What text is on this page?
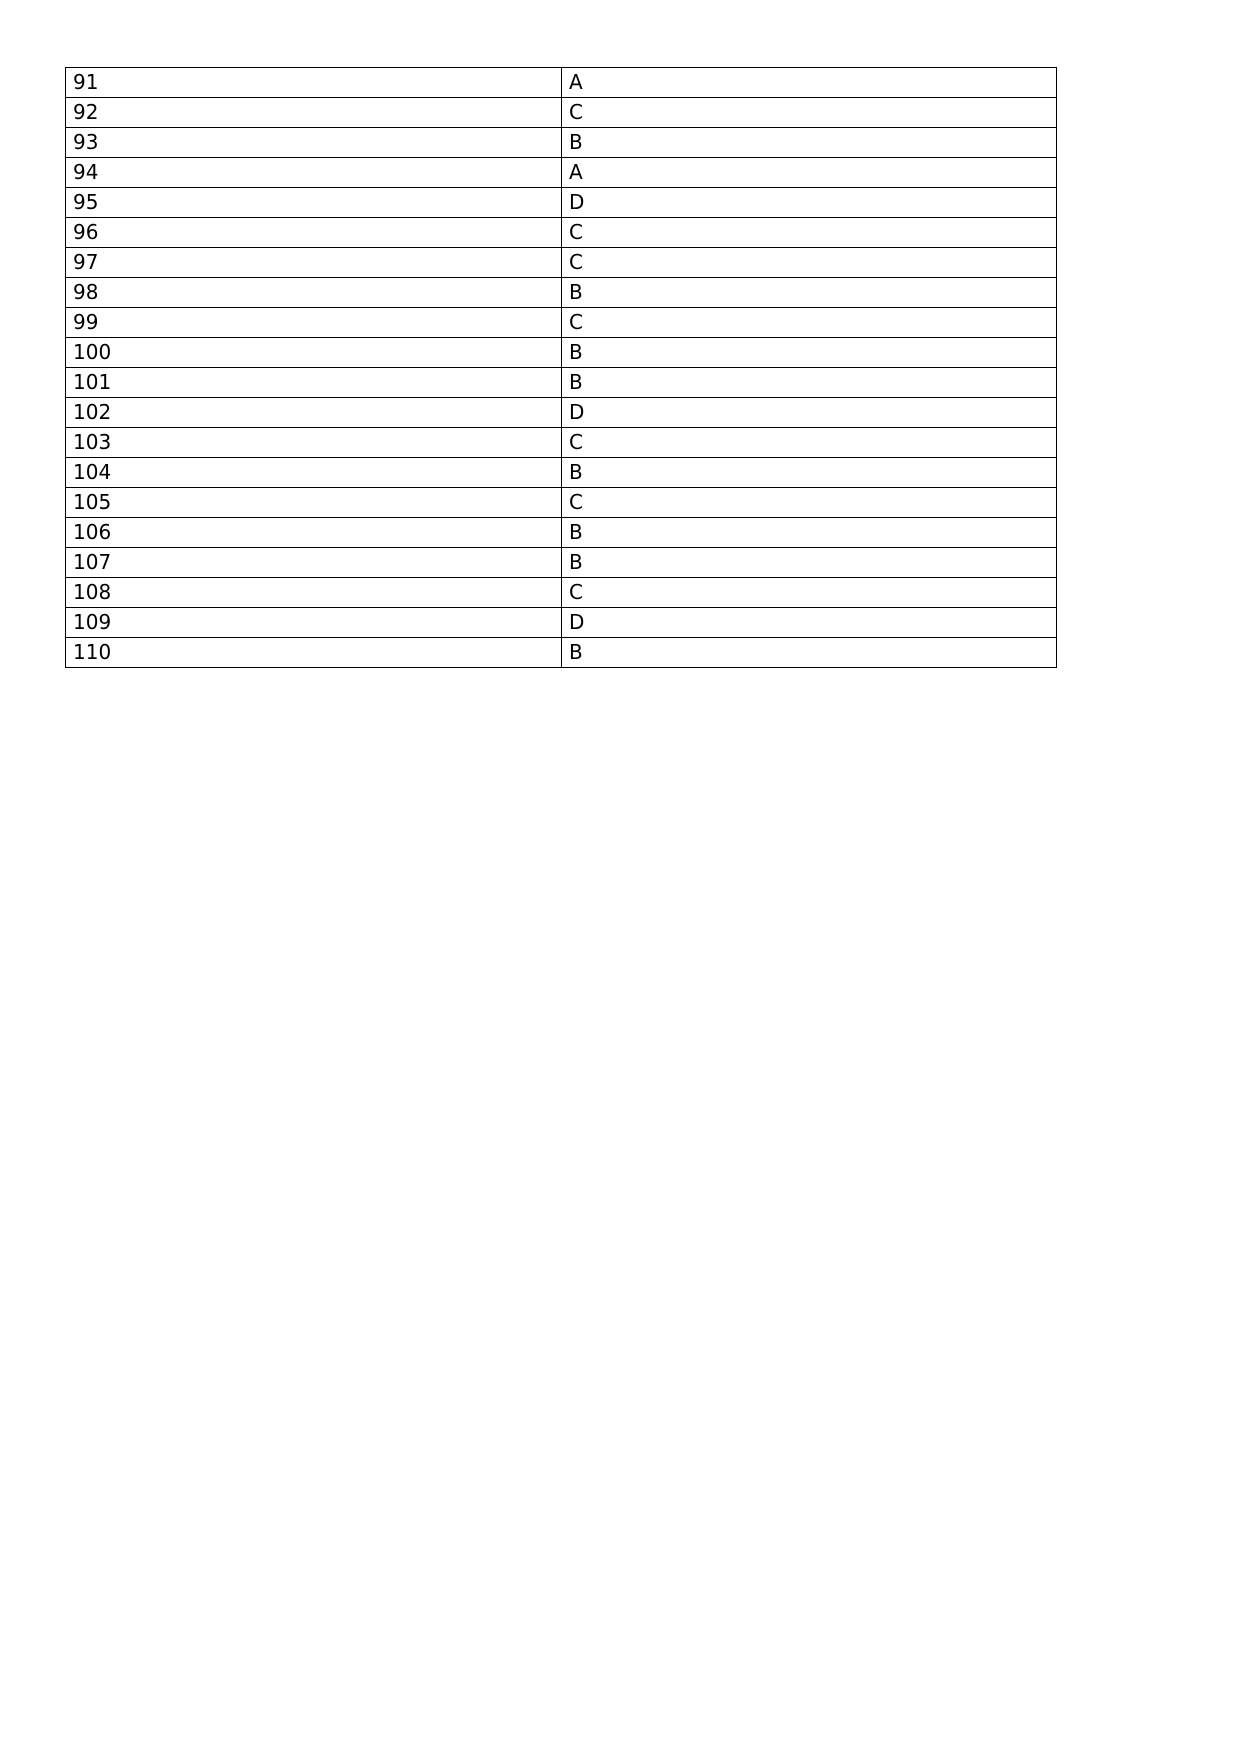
91	A
92	C
93	B
94	A
95	D
96	C
97	C
98	B
99	C
100	B
101	B
102	D
103	C
104	B
105	C
106	B
107	B
108	C
109	D
110	B
